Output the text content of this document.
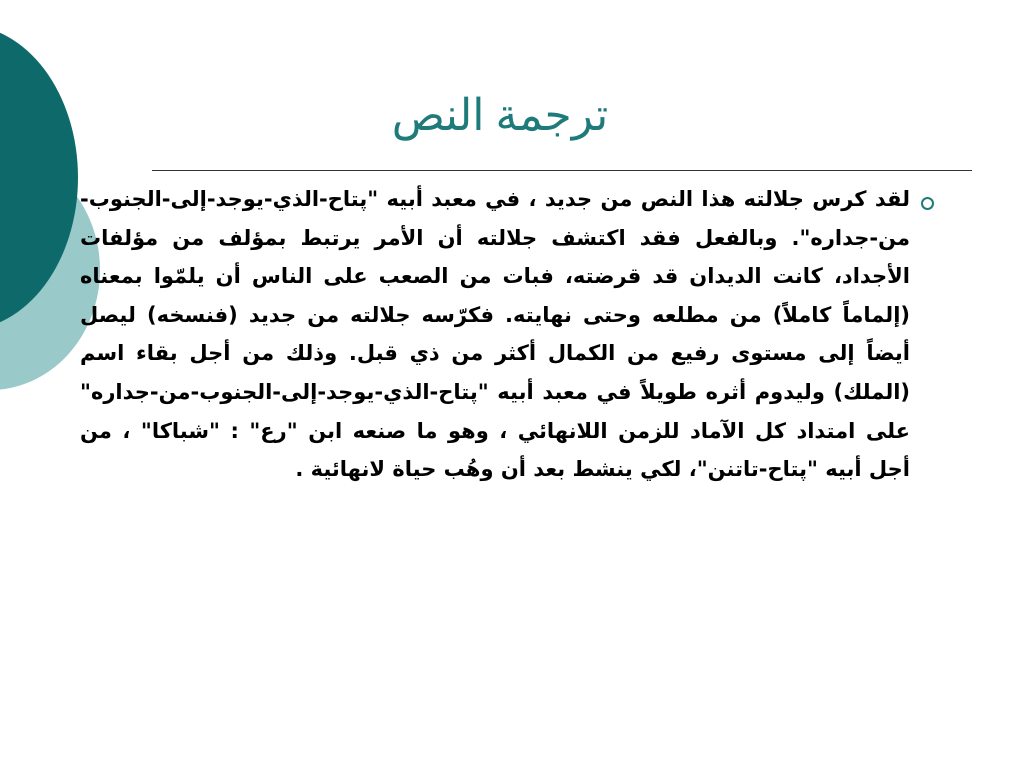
ترجمة النص
لقد كرس جلالته هذا النص من جديد ، في معبد أبيه "پتاح-الذي-يوجد-إلى-الجنوب-من-جداره". وبالفعل فقد اكتشف جلالته أن الأمر يرتبط بمؤلف من مؤلفات الأجداد، كانت الديدان قد قرضته، فبات من الصعب على الناس أن يلمّوا بمعناه (إلماماً كاملاً) من مطلعه وحتى نهايته. فكرّسه جلالته من جديد (فنسخه) ليصل أيضاً إلى مستوى رفيع من الكمال أكثر من ذي قبل. وذلك من أجل بقاء اسم (الملك) وليدوم أثره طويلاً في معبد أبيه "پتاح-الذي-يوجد-إلى-الجنوب-من-جداره" على امتداد كل الآماد للزمن اللانهائي ، وهو ما صنعه ابن "رع" : "شباكا" ، من أجل أبيه "پتاح-تاتنن"، لكي ينشط بعد أن وهُب حياة لانهائية .
